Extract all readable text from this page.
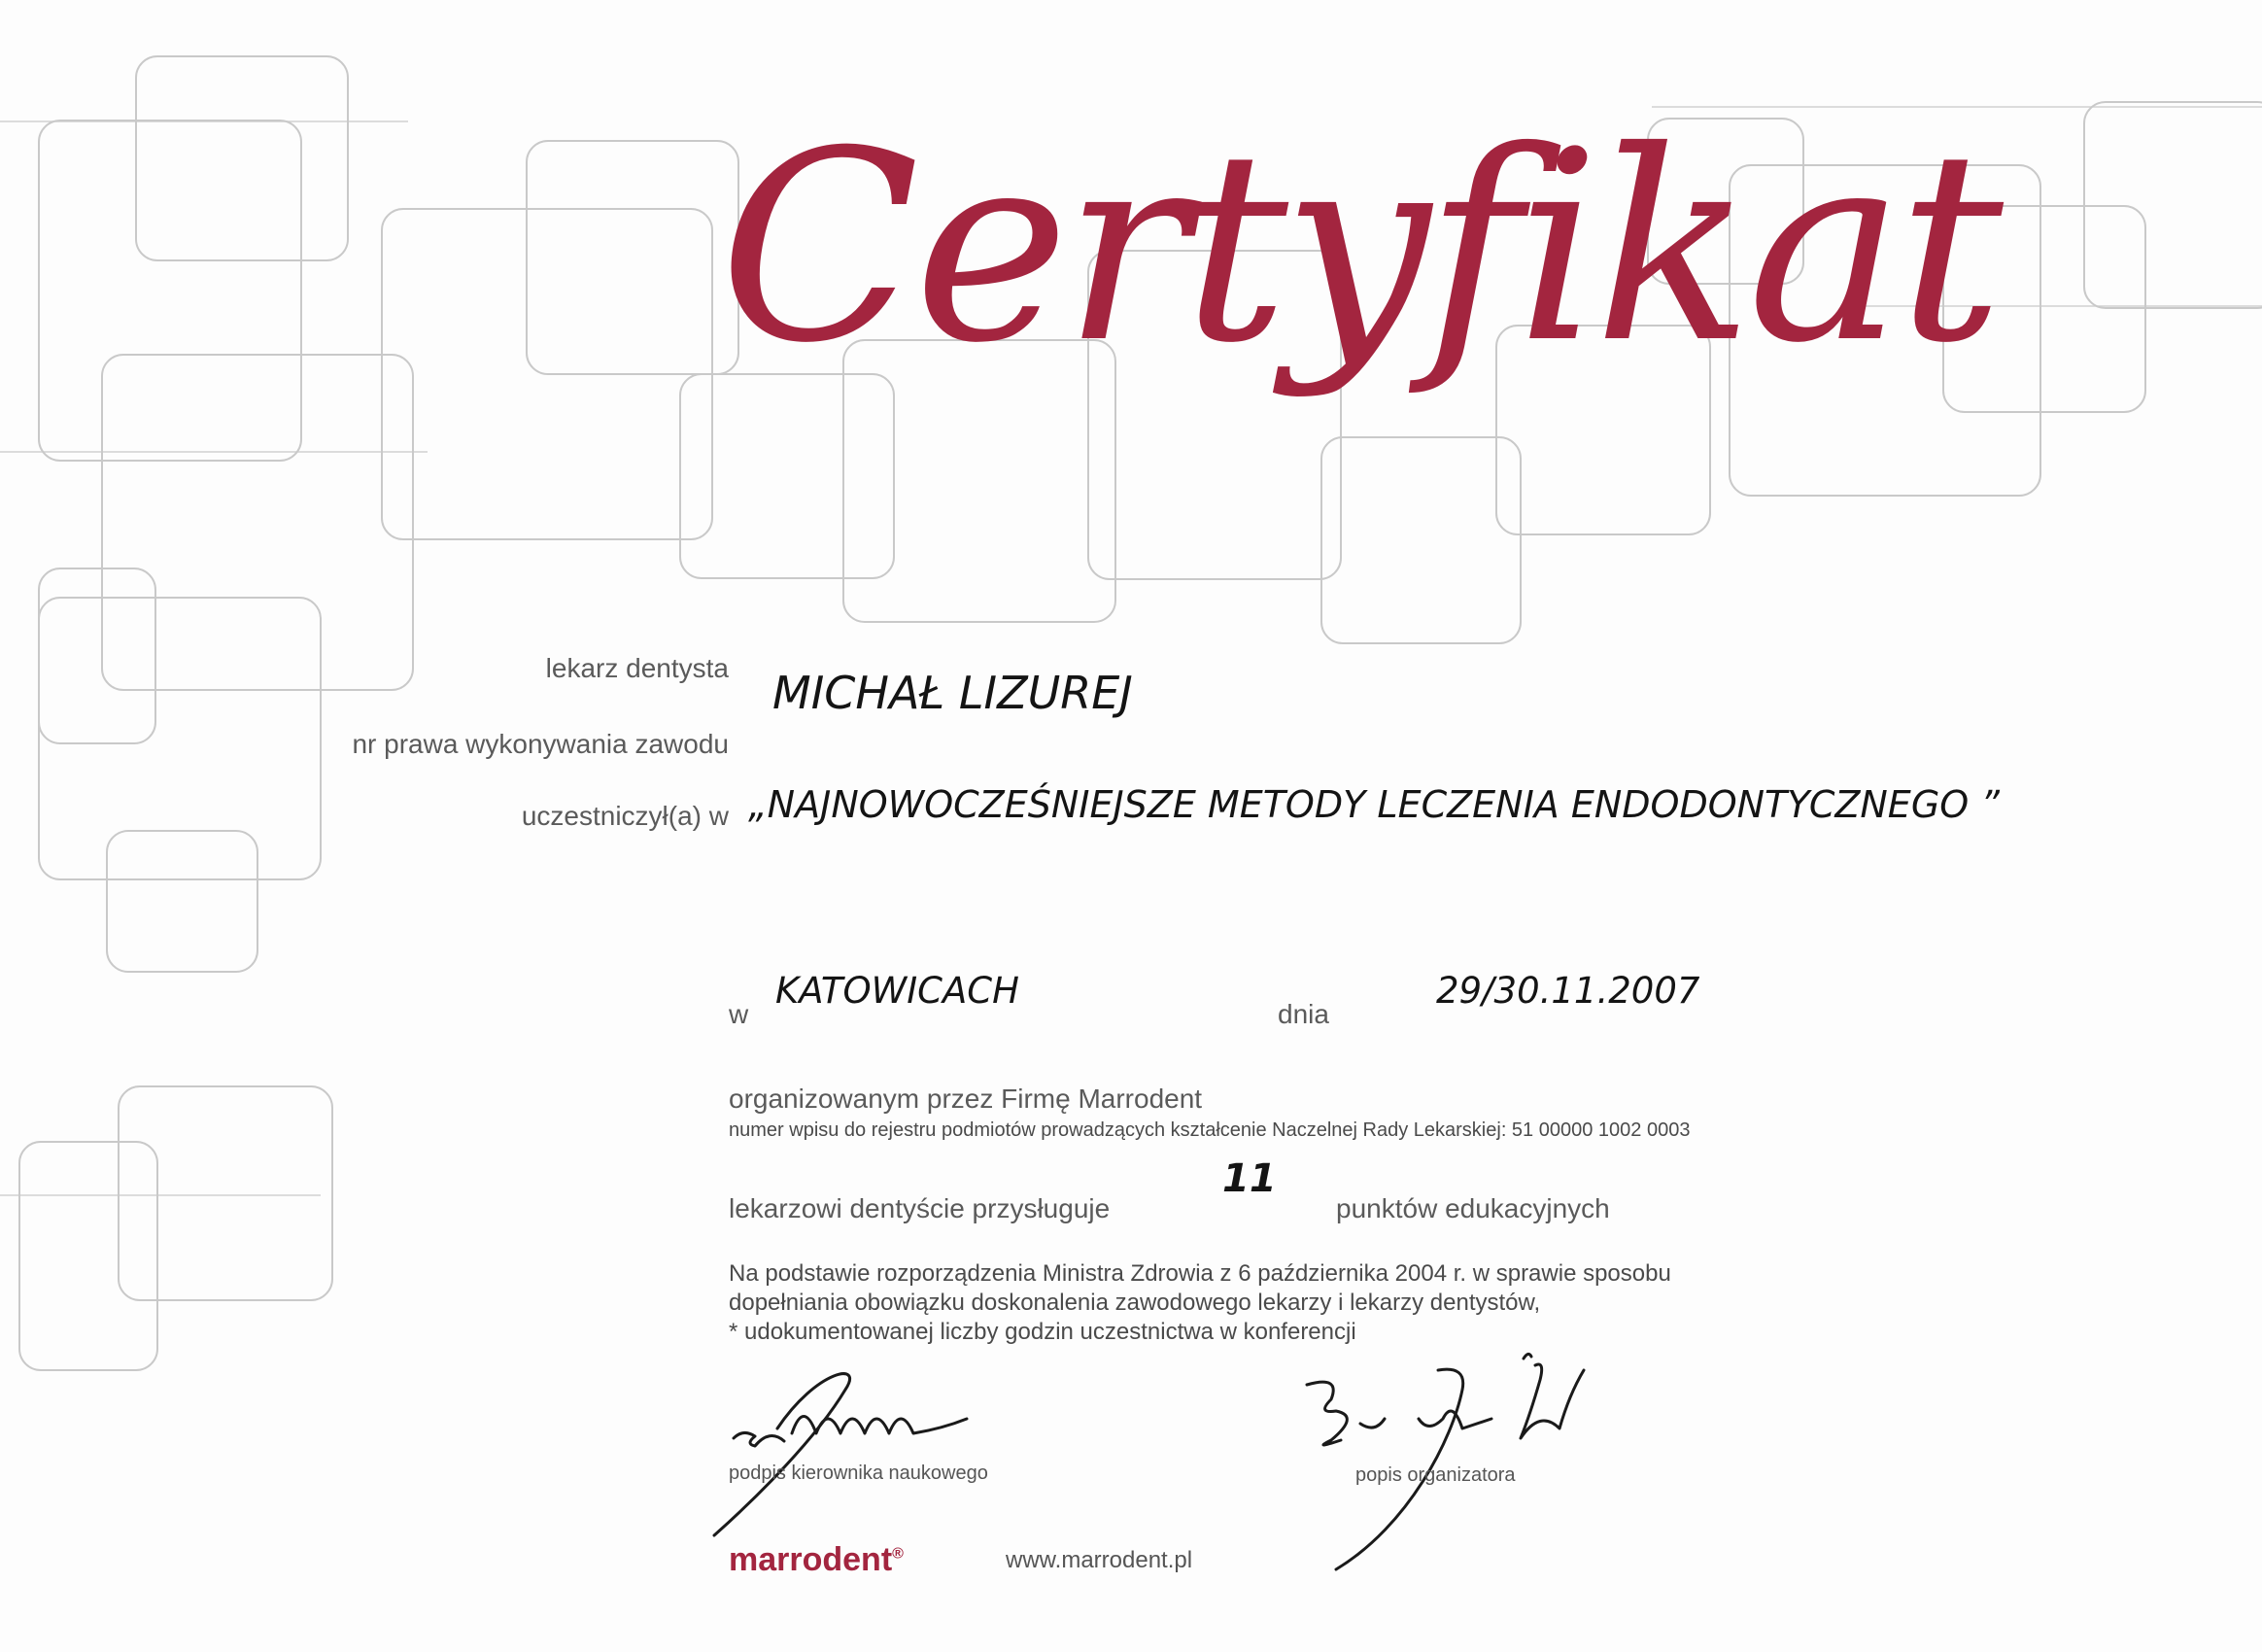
Certyfikat
lekarz dentysta MICHAŁ LIZUREJ
nr prawa wykonywania zawodu
uczestniczył(a) w „NAJNOWOCZEŚNIEJSZE METODY LECZENIA ENDODONTYCZNEGO ”
w
KATOWICACH
dnia
29/30.11.2007
organizowanym przez Firmę Marrodent
numer wpisu do rejestru podmiotów prowadzących kształcenie Naczelnej Rady Lekarskiej: 51 00000 1002 0003
lekarzowi dentyście przysługuje
11
punktów edukacyjnych
Na podstawie rozporządzenia Ministra Zdrowia z 6 października 2004 r. w sprawie sposobu
dopełniania obowiązku doskonalenia zawodowego lekarzy i lekarzy dentystów,
* udokumentowanej liczby godzin uczestnictwa w konferencji
podpis kierownika naukowego	popis organizatora
marrodent®	www.marrodent.pl
